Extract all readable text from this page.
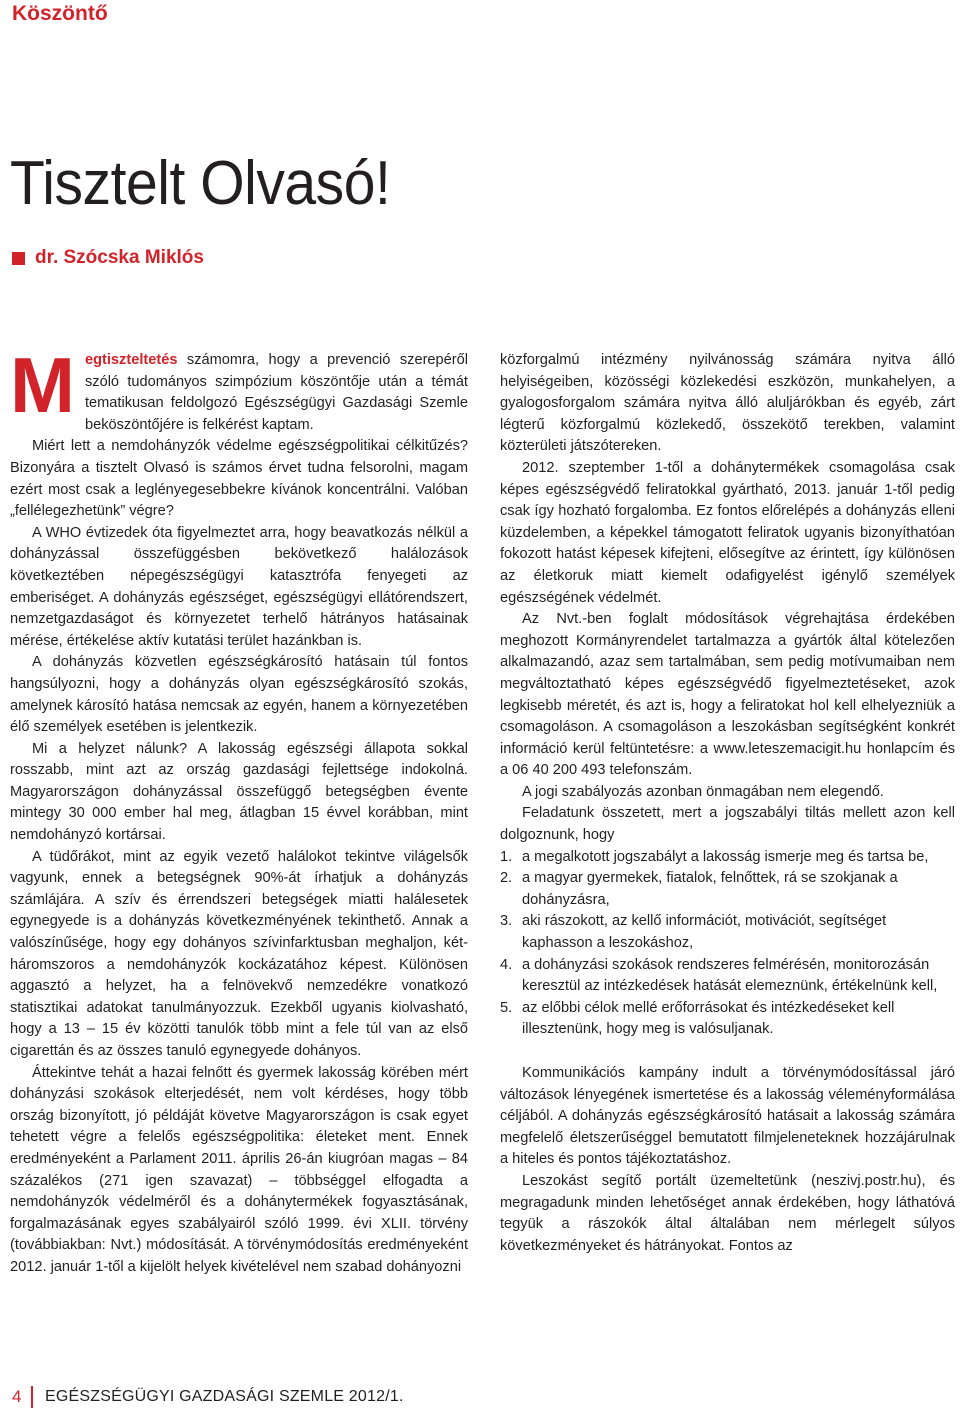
Köszöntő
Tisztelt Olvasó!
dr. Szócska Miklós

Megtiszteltetés számomra, hogy a prevenció szerepéről szóló tudományos szimpózium köszöntője után a témát tematikusan feldolgozó Egészségügyi Gazdasági Szemle beköszöntőjére is felkérést kaptam.

Miért lett a nemdohányzók védelme egészségpolitikai célkitűzés? Bizonyára a tisztelt Olvasó is számos érvet tudna felsorolni, magam ezért most csak a leglényegesebbekre kívánok koncentrálni. Valóban „fellélegezhetünk” végre?

A WHO évtizedek óta figyelmeztet arra, hogy beavatkozás nélkül a dohányzással összefüggésben bekövetkező halálozások következtében népegészségügyi katasztrófa fenyegeti az emberiséget. A dohányzás egészséget, egészségügyi ellátórendszert, nemzetgazdaságot és környezetet terhelő hátrányos hatásainak mérése, értékelése aktív kutatási terület hazánkban is.

A dohányzás közvetlen egészségkárosító hatásain túl fontos hangsúlyozni, hogy a dohányzás olyan egészségkárosító szokás, amelynek károsító hatása nemcsak az egyén, hanem a környezetében élő személyek esetében is jelentkezik.

Mi a helyzet nálunk? A lakosság egészségi állapota sokkal rosszabb, mint azt az ország gazdasági fejlettsége indokolná. Magyarországon dohányzással összefüggő betegségben évente mintegy 30 000 ember hal meg, átlagban 15 évvel korábban, mint nemdohányzó kortársai.

A tüdőrákot, mint az egyik vezető halálokot tekintve világelsők vagyunk, ennek a betegségnek 90%-át írhatjuk a dohányzás számlájára. A szív és érrendszeri betegségek miatti halálesetek egynegyede is a dohányzás következményének tekinthető. Annak a valószínűsége, hogy egy dohányos szívinfarktusban meghaljon, két-háromszoros a nemdohányzók kockázatához képest. Különösen aggasztó a helyzet, ha a felnövekvő nemzedékre vonatkozó statisztikai adatokat tanulmányozzuk. Ezekből ugyanis kiolvasható, hogy a 13 – 15 év közötti tanulók több mint a fele túl van az első cigarettán és az összes tanuló egynegyede dohányos.

Áttekintve tehát a hazai felnőtt és gyermek lakosság körében mért dohányzási szokások elterjedését, nem volt kérdéses, hogy több ország bizonyított, jó példáját követve Magyarországon is csak egyet tehetett végre a felelős egészségpolitika: életeket ment. Ennek eredményeként a Parlament 2011. április 26-án kiugróan magas – 84 százalékos (271 igen szavazat) – többséggel elfogadta a nemdohányzók védelméről és a dohánytermékek fogyasztásának, forgalmazásának egyes szabályairól szóló 1999. évi XLII. törvény (továbbiakban: Nvt.) módosítását. A törvénymódosítás eredményeként 2012. január 1-től a kijelölt helyek kivételével nem szabad dohányozni

közforgalmú intézmény nyilvánosság számára nyitva álló helyiségeiben, közösségi közlekedési eszközön, munkahelyen, a gyalogosforgalom számára nyitva álló aluljárókban és egyéb, zárt légterű közforgalmú közlekedő, összekötő terekben, valamint közterületi játszótereken.

2012. szeptember 1-től a dohánytermékek csomagolása csak képes egészségvédő feliratokkal gyártható, 2013. január 1-től pedig csak így hozható forgalomba. Ez fontos előrelépés a dohányzás elleni küzdelemben, a képekkel támogatott feliratok ugyanis bizonyíthatóan fokozott hatást képesek kifejteni, elősegítve az érintett, így különösen az életkoruk miatt kiemelt odafigyelést igénylő személyek egészségének védelmét.

Az Nvt.-ben foglalt módosítások végrehajtása érdekében meghozott Kormányrendelet tartalmazza a gyártók által kötelezően alkalmazandó, azaz sem tartalmában, sem pedig motívumaiban nem megváltoztatható képes egészségvédő figyelmeztetéseket, azok legkisebb méretét, és azt is, hogy a feliratokat hol kell elhelyezniük a csomagoláson. A csomagoláson a leszokásban segítségként konkrét információ kerül feltüntetésre: a www.leteszemacigit.hu honlapcím és a 06 40 200 493 telefonszám.

A jogi szabályozás azonban önmagában nem elegendő.

Feladatunk összetett, mert a jogszabályi tiltás mellett azon kell dolgoznunk, hogy

1. a megalkotott jogszabályt a lakosság ismerje meg és tartsa be,
2. a magyar gyermekek, fiatalok, felnőttek, rá se szokjanak a dohányzásra,
3. aki rászokott, az kellő információt, motivációt, segítséget kaphasson a leszokáshoz,
4. a dohányzási szokások rendszeres felmérésén, monitorozásán keresztül az intézkedések hatását elemeznünk, értékelnünk kell,
5. az előbbi célok mellé erőforrásokat és intézkedéseket kell illesztenünk, hogy meg is valósuljanak.

Kommunikációs kampány indult a törvénymódosítással járó változások lényegének ismertetése és a lakosság véleményformálása céljából. A dohányzás egészségkárosító hatásait a lakosság számára megfelelő életszerűséggel bemutatott filmjeleneteknek hozzájárulnak a hiteles és pontos tájékoztatáshoz.

Leszokást segítő portált üzemeltetünk (neszivj.postr.hu), és megragadunk minden lehetőséget annak érdekében, hogy láthatóvá tegyük a rászokók által általában nem mérlegelt súlyos következményeket és hátrányokat. Fontos az

4 EGÉSZSÉGÜGYI GAZDASÁGI SZEMLE 2012/1.
